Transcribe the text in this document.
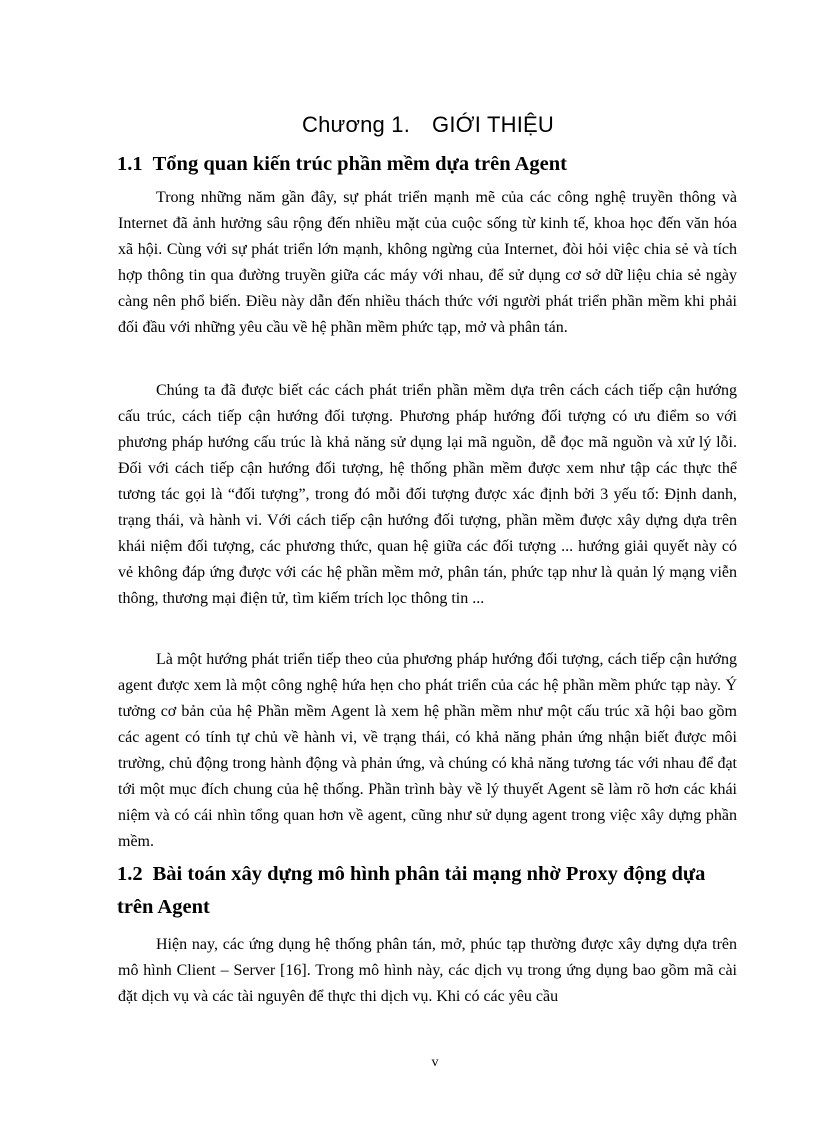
Chương 1. GIỚI THIỆU
1.1 Tổng quan kiến trúc phần mềm dựa trên Agent

Trong những năm gần đây, sự phát triển mạnh mẽ của các công nghệ truyền thông và Internet đã ảnh hưởng sâu rộng đến nhiều mặt của cuộc sống từ kinh tế, khoa học đến văn hóa xã hội. Cùng với sự phát triển lớn mạnh, không ngừng của Internet, đòi hỏi việc chia sẻ và tích hợp thông tin qua đường truyền giữa các máy với nhau, để sử dụng cơ sở dữ liệu chia sẻ ngày càng nên phổ biến. Điều này dẫn đến nhiều thách thức với người phát triển phần mềm khi phải đối đầu với những yêu cầu về hệ phần mềm phức tạp, mở và phân tán.

Chúng ta đã được biết các cách phát triển phần mềm dựa trên cách cách tiếp cận hướng cấu trúc, cách tiếp cận hướng đối tượng. Phương pháp hướng đối tượng có ưu điểm so với phương pháp hướng cấu trúc là khả năng sử dụng lại mã nguồn, dễ đọc mã nguồn và xử lý lỗi. Đối với cách tiếp cận hướng đối tượng, hệ thống phần mềm được xem như tập các thực thể tương tác gọi là “đối tượng”, trong đó mỗi đối tượng được xác định bởi 3 yếu tố: Định danh, trạng thái, và hành vi. Với cách tiếp cận hướng đối tượng, phần mềm được xây dựng dựa trên khái niệm đối tượng, các phương thức, quan hệ giữa các đối tượng ... hướng giải quyết này có vẻ không đáp ứng được với các hệ phần mềm mở, phân tán, phức tạp như là quản lý mạng viễn thông, thương mại điện tử, tìm kiếm trích lọc thông tin ...

Là một hướng phát triển tiếp theo của phương pháp hướng đối tượng, cách tiếp cận hướng agent được xem là một công nghệ hứa hẹn cho phát triển của các hệ phần mềm phức tạp này. Ý tưởng cơ bản của hệ Phần mềm Agent là xem hệ phần mềm như một cấu trúc xã hội bao gồm các agent có tính tự chủ về hành vi, về trạng thái, có khả năng phản ứng nhận biết được môi trường, chủ động trong hành động và phản ứng, và chúng có khả năng tương tác với nhau để đạt tới một mục đích chung của hệ thống. Phần trình bày về lý thuyết Agent sẽ làm rõ hơn các khái niệm và có cái nhìn tổng quan hơn về agent, cũng như sử dụng agent trong việc xây dựng phần mềm.

1.2 Bài toán xây dựng mô hình phân tải mạng nhờ Proxy động dựa trên Agent

Hiện nay, các ứng dụng hệ thống phân tán, mở, phúc tạp thường được xây dựng dựa trên mô hình Client – Server [16]. Trong mô hình này, các dịch vụ trong ứng dụng bao gồm mã cài đặt dịch vụ và các tài nguyên để thực thi dịch vụ. Khi có các yêu cầu

v
